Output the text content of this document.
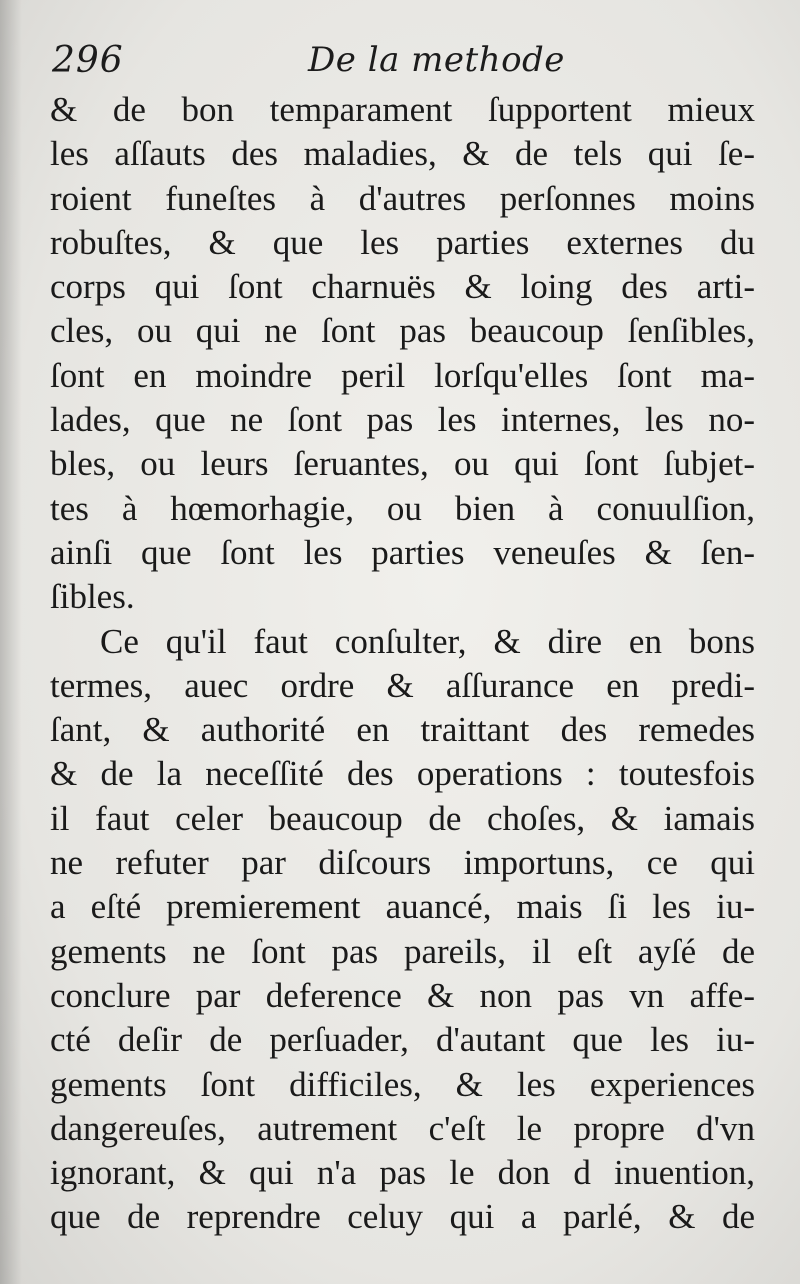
296	De la methode
& de bon temparament ſupportent mieux
les aſſauts des maladies, & de tels qui ſe-
roient funeſtes à d'autres perſonnes moins
robuſtes, & que les parties externes du
corps qui ſont charnuës & loing des arti-
cles, ou qui ne ſont pas beaucoup ſenſibles,
ſont en moindre peril lorſqu'elles ſont ma-
lades, que ne ſont pas les internes, les no-
bles, ou leurs ſeruantes, ou qui ſont ſubjet-
tes à hœmorhagie, ou bien à conuulſion,
ainſi que ſont les parties veneuſes & ſen-
ſibles.
Ce qu'il faut conſulter, & dire en bons
termes, auec ordre & aſſurance en predi-
ſant, & authorité en traittant des remedes
& de la neceſſité des operations : toutesfois
il faut celer beaucoup de choſes, & iamais
ne refuter par diſcours importuns, ce qui
a eſté premierement auancé, mais ſi les iu-
gements ne ſont pas pareils, il eſt ayſé de
conclure par deference & non pas vn affe-
cté deſir de perſuader, d'autant que les iu-
gements ſont difficiles, & les experiences
dangereuſes, autrement c'eſt le propre d'vn
ignorant, & qui n'a pas le don d inuention,
que de reprendre celuy qui a parlé, & de
